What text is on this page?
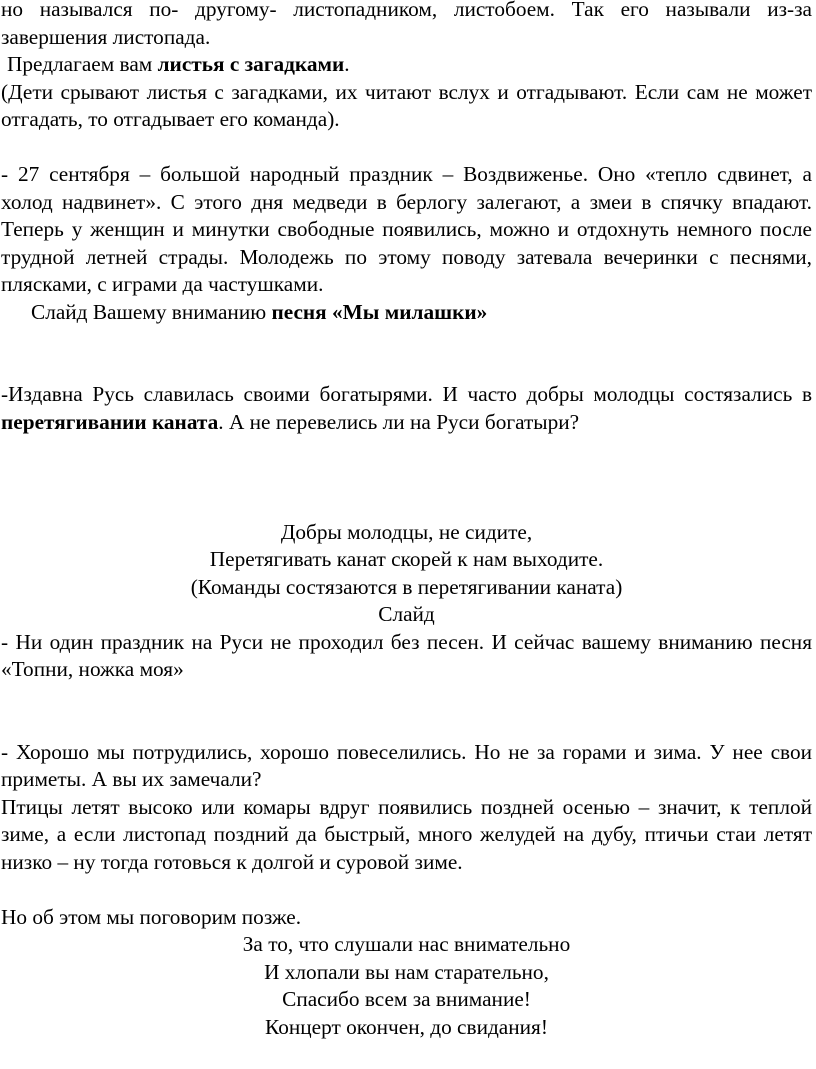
но назывался по- другому- листопадником, листобоем. Так его называли из-за завершения листопада.

Предлагаем вам листья с загадками.

(Дети срывают листья с загадками, их читают вслух и отгадывают. Если сам не может отгадать, то отгадывает его команда).

- 27 сентября – большой народный праздник – Воздвиженье. Оно «тепло сдвинет, а холод надвинет». С этого дня медведи в берлогу залегают, а змеи в спячку впадают. Теперь у женщин и минутки свободные появились, можно и отдохнуть немного после трудной летней страды. Молодежь по этому поводу затевала вечеринки с песнями, плясками, с играми да частушками.

Слайд Вашему вниманию песня «Мы милашки»

-Издавна Русь славилась своими богатырями. И часто добры молодцы состязались в перетягивании каната. А не перевелись ли на Руси богатыри?

Добры молодцы, не сидите,

Перетягивать канат скорей к нам выходите.

(Команды состязаются в перетягивании каната)

Слайд

- Ни один праздник на Руси не проходил без песен. И сейчас вашему вниманию песня «Топни, ножка моя»

- Хорошо мы потрудились, хорошо повеселились. Но не за горами и зима. У нее свои приметы. А вы их замечали?

Птицы летят высоко или комары вдруг появились поздней осенью – значит, к теплой зиме, а если листопад поздний да быстрый, много желудей на дубу, птичьи стаи летят низко – ну тогда готовься к долгой и суровой зиме.

Но об этом мы поговорим позже.

За то, что слушали нас внимательно

И хлопали вы нам старательно,

Спасибо всем за внимание!

Концерт окончен, до свидания!
